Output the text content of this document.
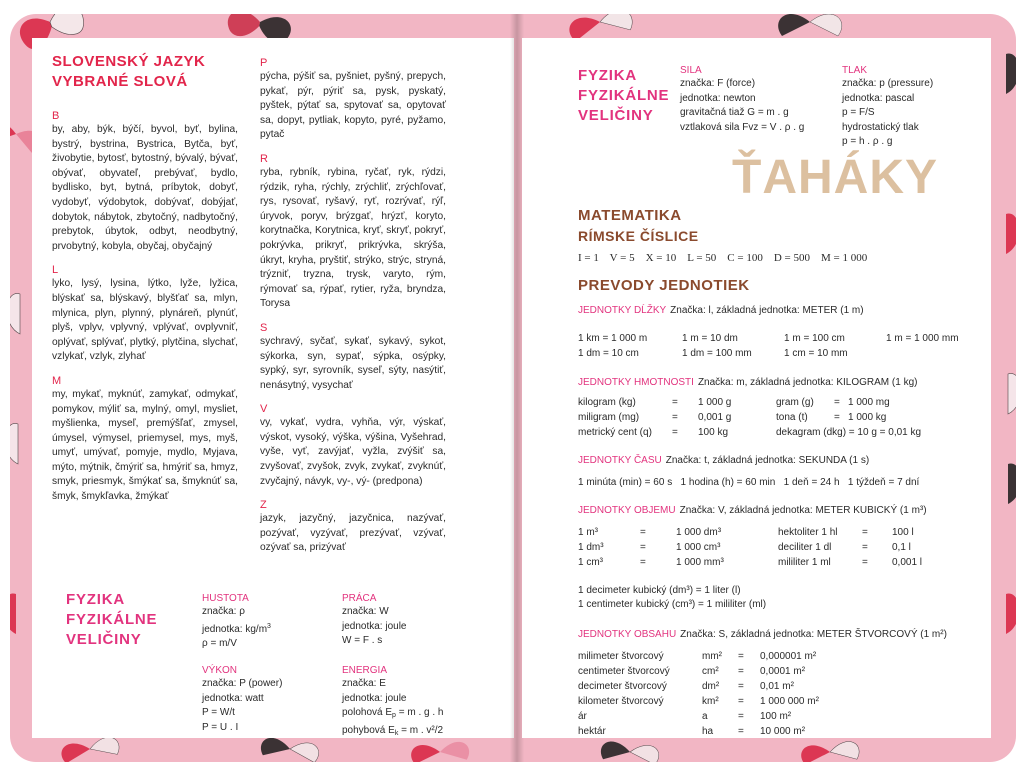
SLOVENSKÝ JAZYK
VYBRANÉ SLOVÁ
B
by, aby, býk, býčí, byvol, byť, bylina, bystrý, bystrina, Bystrica, Bytča, byť, živobytie, bytosť, bytostný, bývalý, bývať, obývať, obyvateľ, prebývať, bydlo, bydlisko, byt, bytná, príbytok, dobyť, vydobyť, výdobytok, dobývať, dobýjať, dobytok, nábytok, zbytočný, nadbytočný, prebytok, úbytok, odbyt, neodbytný, prvobytný, kobyla, obyčaj, obyčajný
L
lyko, lysý, lysina, lýtko, lyže, lyžica, blýskať sa, blýskavý, blyšťať sa, mlyn, mlynica, plyn, plynný, plynáreň, plynúť, plyš, vplyv, vplyvný, vplývať, ovplyvniť, oplývať, splývať, plytký, plytčina, slychať, vzlykať, vzlyk, zlyhať
M
my, mykať, myknúť, zamykať, odmykať, pomykov, mýliť sa, mylný, omyl, mysliet, myšlienka, myseľ, premýšľať, zmysel, úmysel, výmysel, priemysel, mys, myš, umyť, umývať, pomyje, mydlo, Myjava, mýto, mýtnik, čmýriť sa, hmýriť sa, hmyz, smyk, priesmyk, šmýkať sa, šmyknúť sa, šmyk, šmykľavka, žmýkať
P
pýcha, pýšiť sa, pyšniet, pyšný, prepych, pykať, pýr, pýriť sa, pysk, pyskatý, pyštek, pýtať sa, spytovať sa, opytovať sa, dopyt, pytliak, kopyto, pyré, pyžamo, pytač
R
ryba, rybník, rybina, ryčať, ryk, rýdzi, rýdzik, ryha, rýchly, zrýchliť, zrýchľovať, rys, rysovať, ryšavý, ryť, rozrývať, rýľ, úryvok, poryv, brýzgať, hrýzť, koryto, korytnačka, Korytnica, kryť, skryť, pokryť, pokrývka, prikryť, prikrývka, skrýša, úkryt, kryha, pryštiť, strýko, strýc, stryná, trýzniť, tryzna, trysk, varyto, rým, rýmovať sa, rýpať, rytier, ryža, bryndza, Torysa
S
sychravý, syčať, sykať, sykavý, sykot, sýkorka, syn, sypať, sýpka, osýpky, sypký, syr, syrovník, syseľ, sýty, nasýtiť, nenásytný, vysychať
V
vy, vykať, vydra, vyhňa, výr, výskať, výskot, vysoký, výška, výšina, Vyšehrad, vyše, vyť, zavýjať, vyžla, zvýšiť sa, zvyšovať, zvyšok, zvyk, zvykať, zvyknúť, zvyčajný, návyk, vy-, vý- (predpona)
Z
jazyk, jazyčný, jazyčnica, nazývať, pozývať, vyzývať, prezývať, vzývať, ozývať sa, prizývať
FYZIKA
FYZIKÁLNE
VELIČINY
HUSTOTA
značka: ρ
jednotka: $kg/m^3$
ρ = m/V
PRÁCA
značka: W
jednotka: joule
W = F . s
VÝKON
značka: P (power)
jednotka: watt
P = W/t
P = U . I
ENERGIA
značka: E
jednotka: joule
polohová $E_p = m$ . g . h
pohybová $E_k = m$ . v²/2
FYZIKA
FYZIKÁLNE
VELIČINY
SILA
značka: F (force)
jednotka: newton
gravitačná tiaž G = m . g
vztlaková sila Fvz = V . ρ . g
TLAK
značka: p (pressure)
jednotka: pascal
p = F/S
hydrostatický tlak
p = h . ρ . g
MATEMATIKA
RÍMSKE ČÍSLICE
I = 1    V = 5    X = 10    L = 50    C = 100    D = 500    M = 1 000
PREVODY JEDNOTIEK
JEDNOTKY DĹŽKY Značka: l, základná jednotka: METER (1 m)
1 km = 1 000 m	1 m = 10 dm	1 m = 100 cm	1 m = 1 000 mm
1 dm = 10 cm	1 dm = 100 mm	1 cm = 10 mm
JEDNOTKY HMOTNOSTI Značka: m, základná jednotka: KILOGRAM (1 kg)
kilogram (kg)	= 1 000 g	gram (g) = 1 000 mg
miligram (mg)	= 0,001 g	tona (t)	= 1 000 kg
metrický cent (q) = 100 kg	dekagram (dkg) = 10 g = 0,01 kg
JEDNOTKY ČASU Značka: t, základná jednotka: SEKUNDA (1 s)
1 minúta (min) = 60 s   1 hodina (h) = 60 min   1 deň = 24 h   1 týždeň = 7 dní
JEDNOTKY OBJEMU Značka: V, základná jednotka: METER KUBICKÝ (1 m³)
1 m³	=	1 000 dm³	hektoliter 1 hl = 100 l
1 dm³	=	1 000 cm³	deciliter 1 dl	= 0,1 l
1 cm³	=	1 000 mm³	mililiter 1 ml	= 0,001 l
1 decimeter kubický (dm³) = 1 liter (l)
1 centimeter kubický (cm³) = 1 mililiter (ml)
JEDNOTKY OBSAHU Značka: S, základná jednotka: METER ŠTVORCOVÝ (1 m²)
milimeter štvorcový	mm² = 0,000001 m²
centimeter štvorcový	cm² = 0,0001 m²
decimeter štvorcový	dm² = 0,01 m²
kilometer štvorcový	km² = 1 000 000 m²
ár	a	= 100 m²
hektár	ha = 10 000 m²
ŤAHÁKY
